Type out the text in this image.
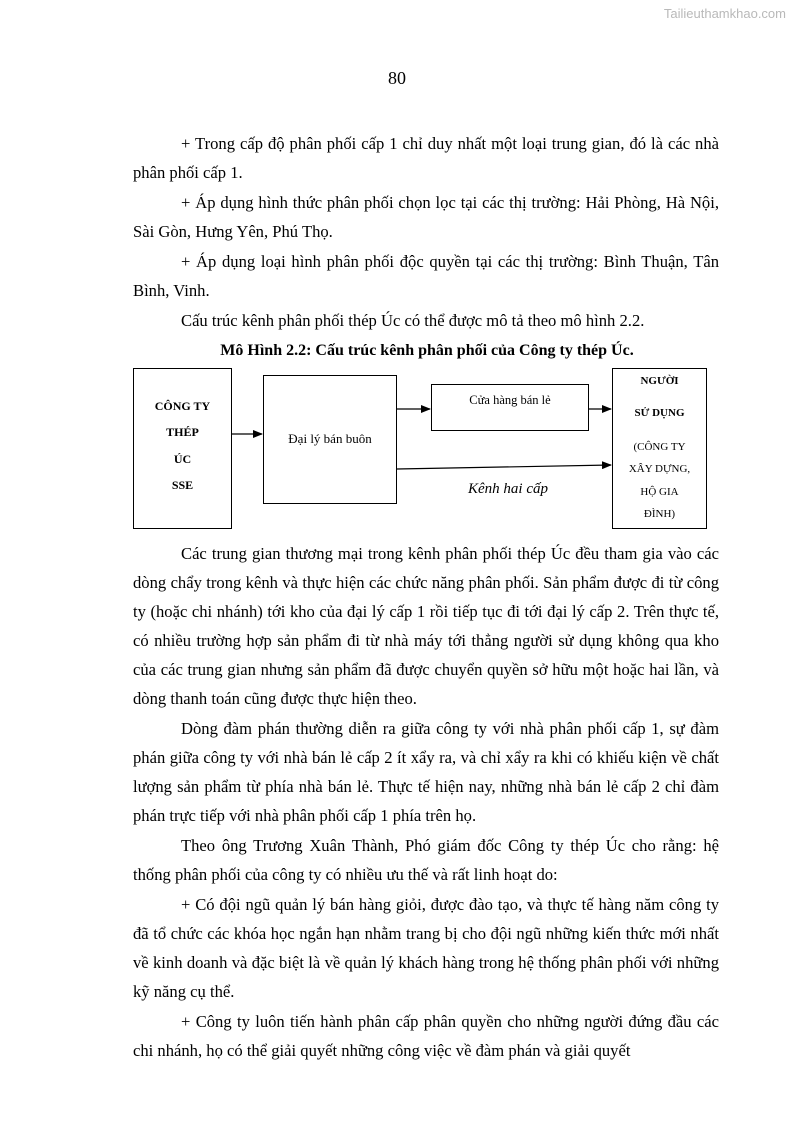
Tailieuthamkhao.com
80

+ Trong cấp độ phân phối cấp 1 chỉ duy nhất một loại trung gian, đó là các nhà phân phối cấp 1.

+ Áp dụng hình thức phân phối chọn lọc tại các thị trường: Hải Phòng, Hà Nội, Sài Gòn, Hưng Yên, Phú Thọ.

+ Áp dụng loại hình phân phối độc quyền tại các thị trường: Bình Thuận, Tân Bình, Vinh.

Cấu trúc kênh phân phối thép Úc có thể được mô tả theo mô hình 2.2.

Mô Hình 2.2: Cấu trúc kênh phân phối của Công ty thép Úc.
CÔNG TY
THÉP
ÚC
SSE
Đại lý bán buôn
Cửa hàng bán lẻ
NGƯỜI
SỬ DỤNG
(CÔNG TY
XÂY DỰNG,
HỘ GIA
ĐÌNH)
Kênh hai cấp

Các trung gian thương mại trong kênh phân phối thép Úc đều tham gia vào các dòng chẩy trong kênh và thực hiện các chức năng phân phối. Sản phẩm được đi từ công ty (hoặc chi nhánh) tới kho của đại lý cấp 1 rồi tiếp tục đi tới đại lý cấp 2. Trên thực tế, có nhiều trường hợp sản phẩm đi từ nhà máy tới thẳng người sử dụng không qua kho của các trung gian nhưng sản phẩm đã được chuyển quyền sở hữu một hoặc hai lần, và dòng thanh toán cũng được thực hiện theo.

Dòng đàm phán thường diễn ra giữa công ty với nhà phân phối cấp 1, sự đàm phán giữa công ty với nhà bán lẻ cấp 2 ít xẩy ra, và chỉ xẩy ra khi có khiếu kiện về chất lượng sản phẩm từ phía nhà bán lẻ. Thực tế hiện nay, những nhà bán lẻ cấp 2 chỉ đàm phán trực tiếp với nhà phân phối cấp 1 phía trên họ.

Theo ông Trương Xuân Thành, Phó giám đốc Công ty thép Úc cho rằng: hệ thống phân phối của công ty có nhiều ưu thế và rất linh hoạt do:

+ Có đội ngũ quản lý bán hàng giỏi, được đào tạo, và thực tế hàng năm công ty đã tổ chức các khóa học ngắn hạn nhằm trang bị cho đội ngũ những kiến thức mới nhất về kinh doanh và đặc biệt là về quản lý khách hàng trong hệ thống phân phối với những kỹ năng cụ thể.

+ Công ty luôn tiến hành phân cấp phân quyền cho những người đứng đầu các chi nhánh, họ có thể giải quyết những công việc về đàm phán và giải quyết
